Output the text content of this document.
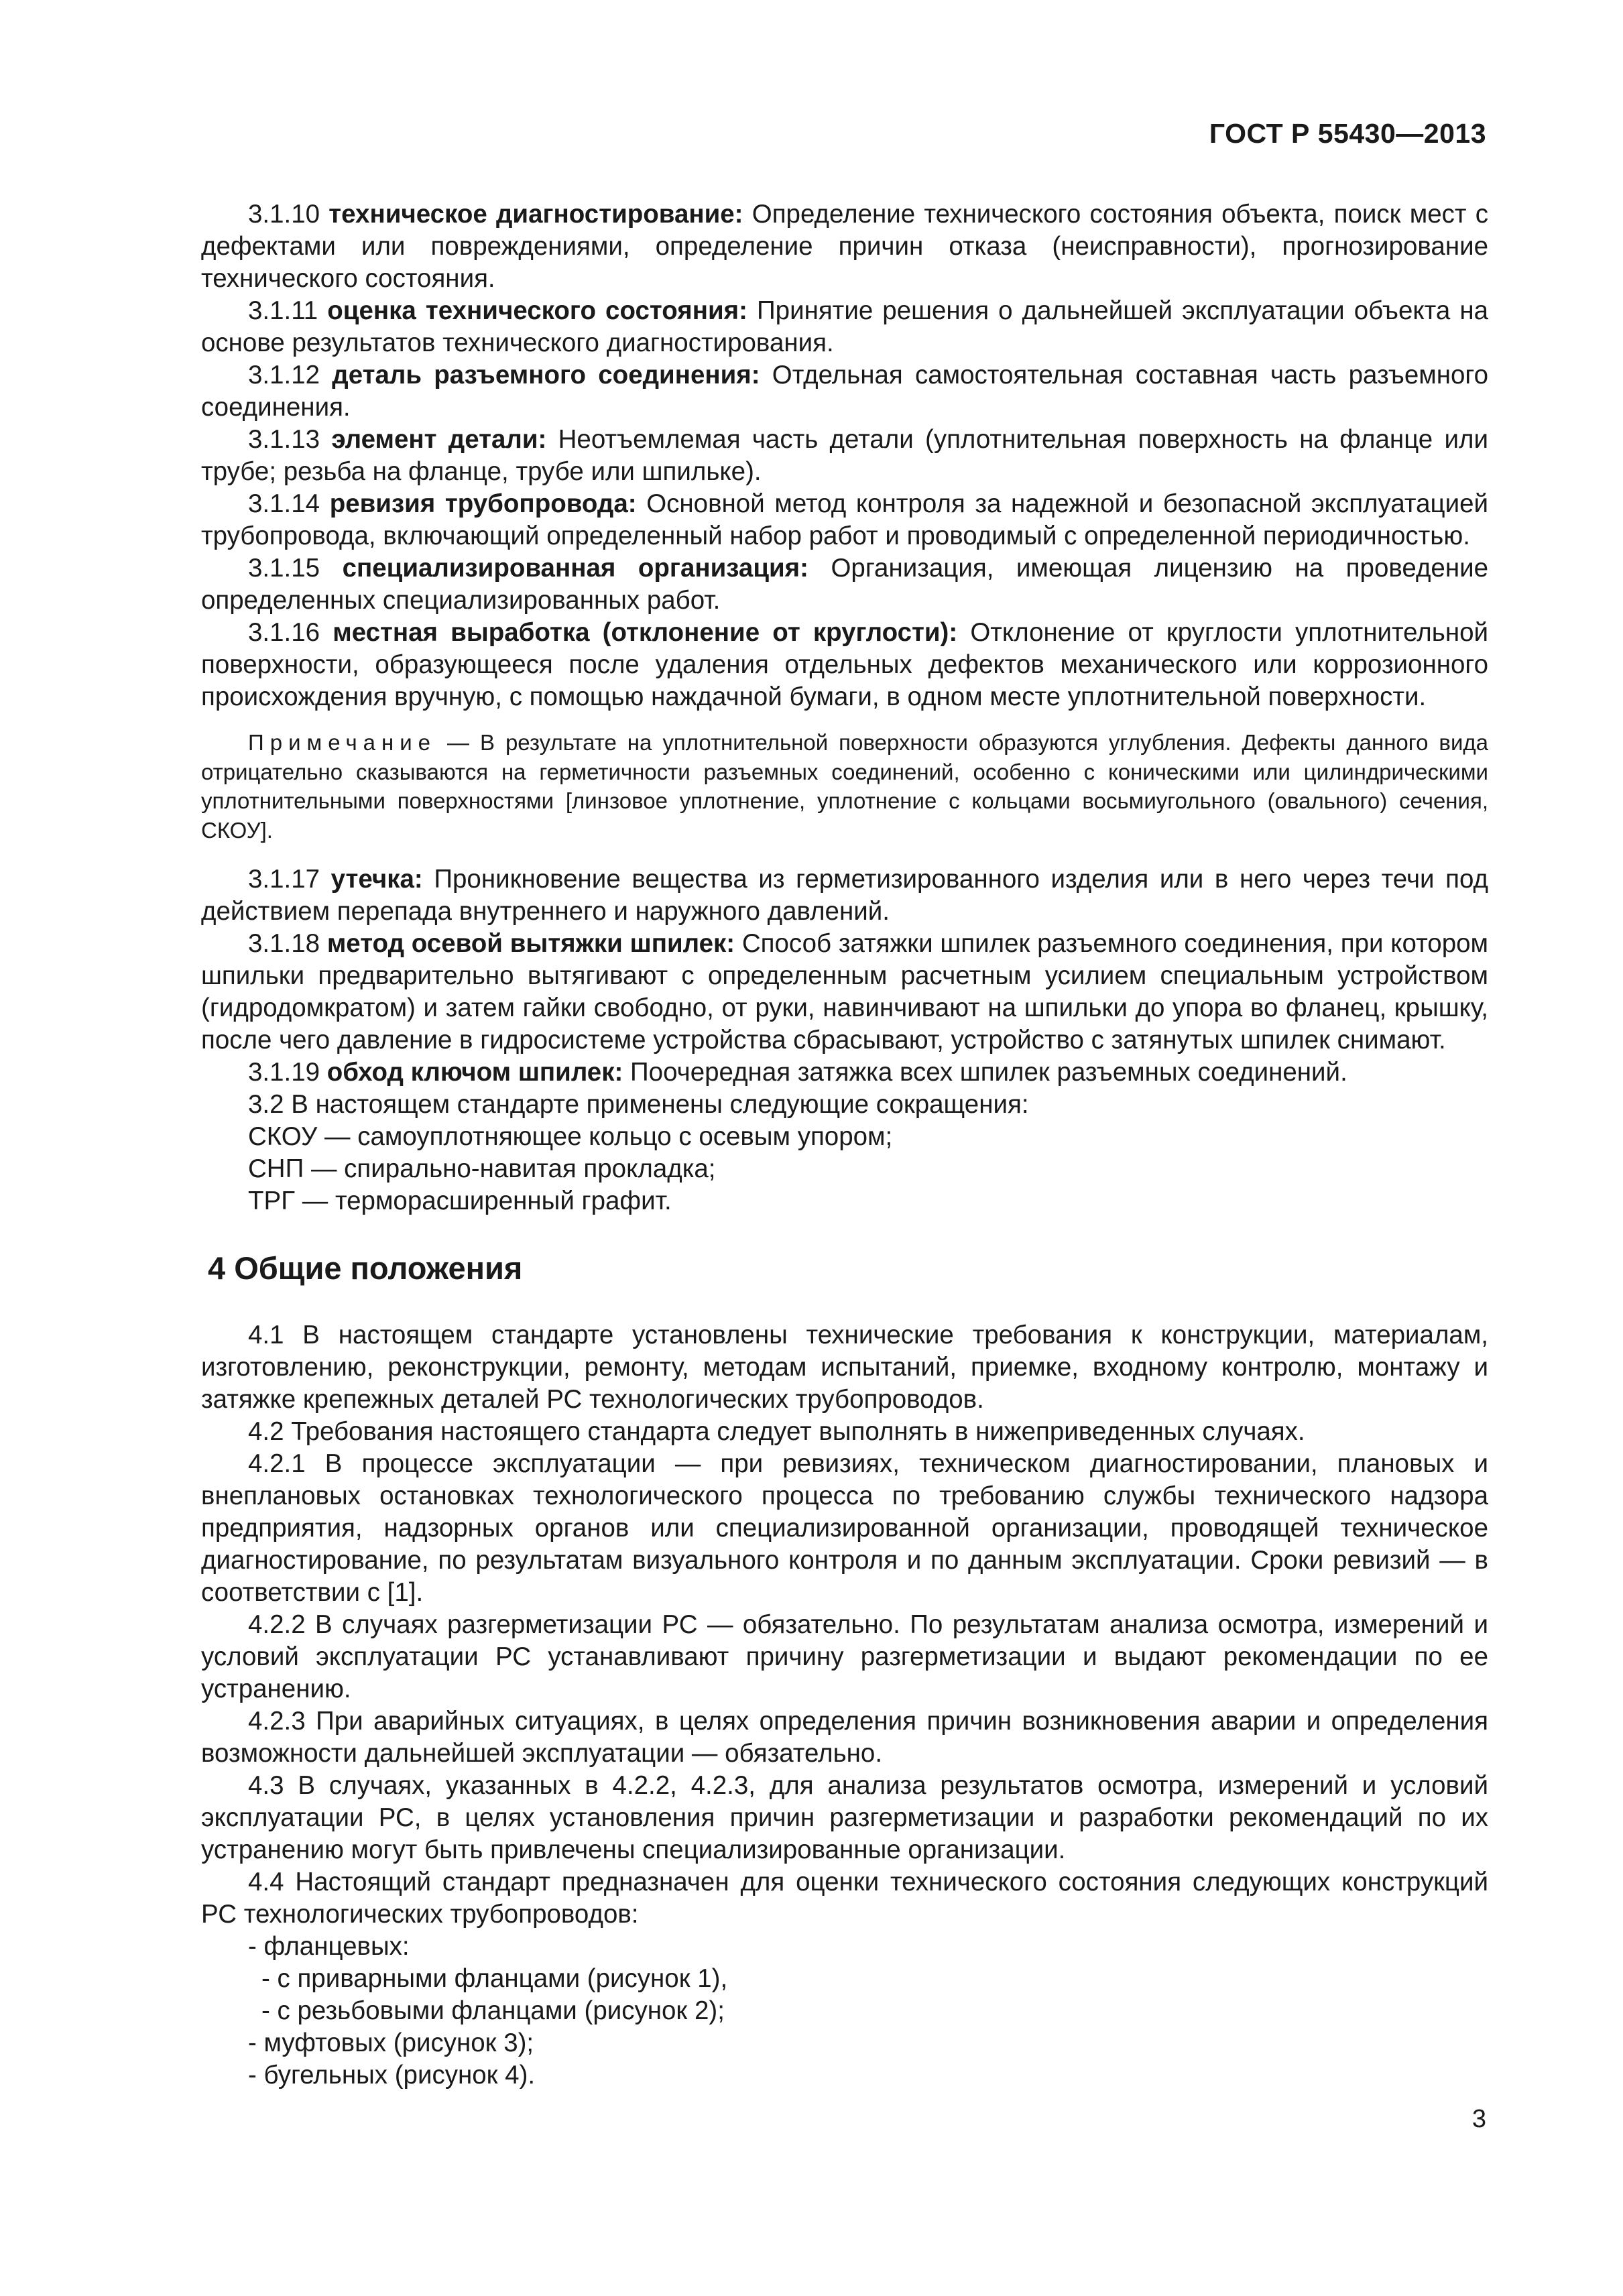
ГОСТ Р 55430—2013

3.1.10 техническое диагностирование: Определение технического состояния объекта, поиск мест с дефектами или повреждениями, определение причин отказа (неисправности), прогнозирование технического состояния.

3.1.11 оценка технического состояния: Принятие решения о дальнейшей эксплуатации объекта на основе результатов технического диагностирования.

3.1.12 деталь разъемного соединения: Отдельная самостоятельная составная часть разъемного соединения.

3.1.13 элемент детали: Неотъемлемая часть детали (уплотнительная поверхность на фланце или трубе; резьба на фланце, трубе или шпильке).

3.1.14 ревизия трубопровода: Основной метод контроля за надежной и безопасной эксплуатацией трубопровода, включающий определенный набор работ и проводимый с определенной периодичностью.

3.1.15 специализированная организация: Организация, имеющая лицензию на проведение определенных специализированных работ.

3.1.16 местная выработка (отклонение от круглости): Отклонение от круглости уплотнительной поверхности, образующееся после удаления отдельных дефектов механического или коррозионного происхождения вручную, с помощью наждачной бумаги, в одном месте уплотнительной поверхности.

Примечание — В результате на уплотнительной поверхности образуются углубления. Дефекты данного вида отрицательно сказываются на герметичности разъемных соединений, особенно с коническими или цилиндрическими уплотнительными поверхностями [линзовое уплотнение, уплотнение с кольцами восьмиугольного (овального) сечения, СКОУ].

3.1.17 утечка: Проникновение вещества из герметизированного изделия или в него через течи под действием перепада внутреннего и наружного давлений.

3.1.18 метод осевой вытяжки шпилек: Способ затяжки шпилек разъемного соединения, при котором шпильки предварительно вытягивают с определенным расчетным усилием специальным устройством (гидродомкратом) и затем гайки свободно, от руки, навинчивают на шпильки до упора во фланец, крышку, после чего давление в гидросистеме устройства сбрасывают, устройство с затянутых шпилек снимают.

3.1.19 обход ключом шпилек: Поочередная затяжка всех шпилек разъемных соединений.

3.2 В настоящем стандарте применены следующие сокращения:

СКОУ — самоуплотняющее кольцо с осевым упором;

СНП — спирально-навитая прокладка;

ТРГ — терморасширенный графит.

4 Общие положения

4.1 В настоящем стандарте установлены технические требования к конструкции, материалам, изготовлению, реконструкции, ремонту, методам испытаний, приемке, входному контролю, монтажу и затяжке крепежных деталей РС технологических трубопроводов.

4.2 Требования настоящего стандарта следует выполнять в нижеприведенных случаях.

4.2.1 В процессе эксплуатации — при ревизиях, техническом диагностировании, плановых и внеплановых остановках технологического процесса по требованию службы технического надзора предприятия, надзорных органов или специализированной организации, проводящей техническое диагностирование, по результатам визуального контроля и по данным эксплуатации. Сроки ревизий — в соответствии с [1].

4.2.2 В случаях разгерметизации РС — обязательно. По результатам анализа осмотра, измерений и условий эксплуатации РС устанавливают причину разгерметизации и выдают рекомендации по ее устранению.

4.2.3 При аварийных ситуациях, в целях определения причин возникновения аварии и определения возможности дальнейшей эксплуатации — обязательно.

4.3 В случаях, указанных в 4.2.2, 4.2.3, для анализа результатов осмотра, измерений и условий эксплуатации РС, в целях установления причин разгерметизации и разработки рекомендаций по их устранению могут быть привлечены специализированные организации.

4.4 Настоящий стандарт предназначен для оценки технического состояния следующих конструкций РС технологических трубопроводов:

- фланцевых:

- с приварными фланцами (рисунок 1),

- с резьбовыми фланцами (рисунок 2);

- муфтовых (рисунок 3);

- бугельных (рисунок 4).

3
